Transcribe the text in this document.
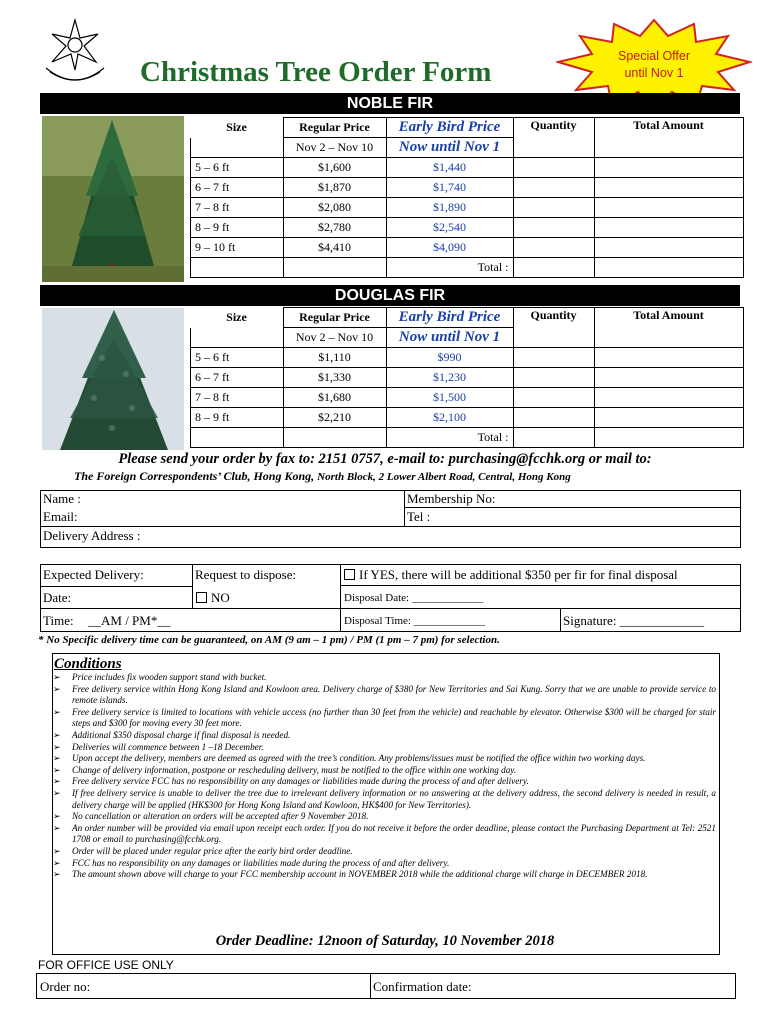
Christmas Tree Order Form	Special Offer
until Nov 1
NOBLE FIR
Size	Regular Price	Early Bird Price	Quantity	Total Amount
	Nov 2 – Nov 10	Now until Nov 1		
5 – 6 ft	$1,600	$1,440		
6 – 7 ft	$1,870	$1,740		
7 – 8 ft	$2,080	$1,890		
8 – 9 ft	$2,780	$2,540		
9 – 10 ft	$4,410	$4,090		
		Total :		
DOUGLAS FIR
Size	Regular Price	Early Bird Price	Quantity	Total Amount
	Nov 2 – Nov 10	Now until Nov 1		
5 – 6 ft	$1,110	$990		
6 – 7 ft	$1,330	$1,230		
7 – 8 ft	$1,680	$1,500		
8 – 9 ft	$2,210	$2,100		
		Total :		
Please send your order by fax to: 2151 0757, e-mail to: purchasing@fcchk.org or mail to:
The Foreign Correspondents’ Club, Hong Kong, North Block, 2 Lower Albert Road, Central, Hong Kong
Name :	Membership No:
Email:	Tel :
Delivery Address :
Expected Delivery:	Request to dispose:	If YES, there will be additional $350 per fir for final disposal
Date:	NO	Disposal Date: _____________
Time: __AM / PM*__	Disposal Time: _____________	Signature: _____________
* No Specific delivery time can be guaranteed, on AM (9 am – 1 pm) / PM (1 pm – 7 pm) for selection.
Conditions
➢ Price includes fix wooden support stand with bucket.
➢ Free delivery service within Hong Kong Island and Kowloon area. Delivery charge of $380 for New Territories and Sai Kung. Sorry that we are unable to provide service to remote islands.
➢ Free delivery service is limited to locations with vehicle access (no further than 30 feet from the vehicle) and reachable by elevator. Otherwise $300 will be charged for stair steps and $300 for moving every 30 feet more.
➢ Additional $350 disposal charge if final disposal is needed.
➢ Deliveries will commence between 1 –18 December.
➢ Upon accept the delivery, members are deemed as agreed with the tree’s condition. Any problems/issues must be notified the office within two working days.
➢ Change of delivery information, postpone or rescheduling delivery, must be notified to the office within one working day.
➢ Free delivery service FCC has no responsibility on any damages or liabilities made during the process of and after delivery.
➢ If free delivery service is unable to deliver the tree due to irrelevant delivery information or no answering at the delivery address, the second delivery is needed in result, a delivery charge will be applied (HK$300 for Hong Kong Island and Kowloon, HK$400 for New Territories).
➢ No cancellation or alteration on orders will be accepted after 9 November 2018.
➢ An order number will be provided via email upon receipt each order. If you do not receive it before the order deadline, please contact the Purchasing Department at Tel: 2521 1708 or email to purchasing@fcchk.org.
➢ Order will be placed under regular price after the early bird order deadline.
➢ FCC has no responsibility on any damages or liabilities made during the process of and after delivery.
➢ The amount shown above will charge to your FCC membership account in NOVEMBER 2018 while the additional charge will charge in DECEMBER 2018.
Order Deadline: 12noon of Saturday, 10 November 2018
FOR OFFICE USE ONLY
Order no:	Confirmation date:
